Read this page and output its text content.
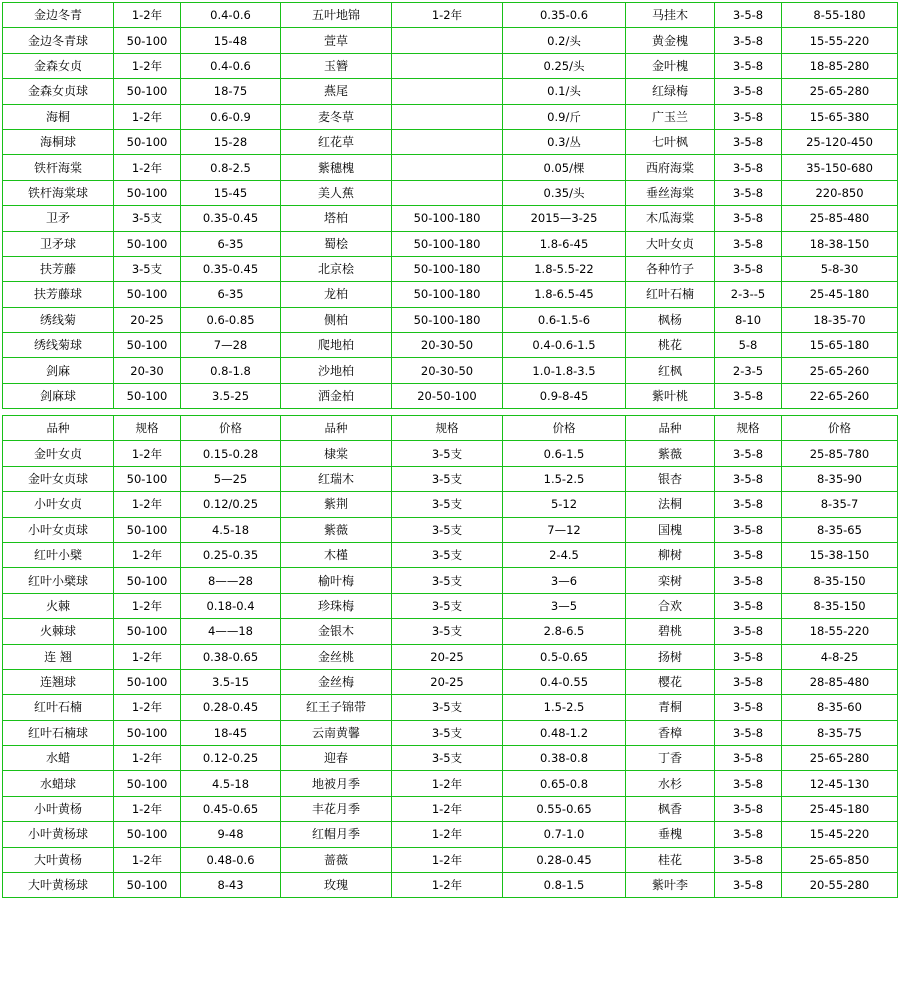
金边冬青	1-2年	0.4-0.6	五叶地锦	1-2年	0.35-0.6	马挂木	3-5-8	8-55-180
金边冬青球	50-100	15-48	萱草		0.2/头	黄金槐	3-5-8	15-55-220
金森女贞	1-2年	0.4-0.6	玉簪		0.25/头	金叶槐	3-5-8	18-85-280
金森女贞球	50-100	18-75	燕尾		0.1/头	红绿梅	3-5-8	25-65-280
海桐	1-2年	0.6-0.9	麦冬草		0.9/斤	广玉兰	3-5-8	15-65-380
海桐球	50-100	15-28	红花草		0.3/丛	七叶枫	3-5-8	25-120-450
铁杆海棠	1-2年	0.8-2.5	紫穗槐		0.05/棵	西府海棠	3-5-8	35-150-680
铁杆海棠球	50-100	15-45	美人蕉		0.35/头	垂丝海棠	3-5-8	220-850
卫矛	3-5支	0.35-0.45	塔柏	50-100-180	2015—3-25	木瓜海棠	3-5-8	25-85-480
卫矛球	50-100	6-35	蜀桧	50-100-180	1.8-6-45	大叶女贞	3-5-8	18-38-150
扶芳藤	3-5支	0.35-0.45	北京桧	50-100-180	1.8-5.5-22	各种竹子	3-5-8	5-8-30
扶芳藤球	50-100	6-35	龙柏	50-100-180	1.8-6.5-45	红叶石楠	2-3--5	25-45-180
绣线菊	20-25	0.6-0.85	侧柏	50-100-180	0.6-1.5-6	枫杨	8-10	18-35-70
绣线菊球	50-100	7—28	爬地柏	20-30-50	0.4-0.6-1.5	桃花	5-8	15-65-180
剑麻	20-30	0.8-1.8	沙地柏	20-30-50	1.0-1.8-3.5	红枫	2-3-5	25-65-260
剑麻球	50-100	3.5-25	洒金柏	20-50-100	0.9-8-45	紫叶桃	3-5-8	22-65-260
品种	规格	价格	品种	规格	价格	品种	规格	价格
金叶女贞	1-2年	0.15-0.28	棣棠	3-5支	0.6-1.5	紫薇	3-5-8	25-85-780
金叶女贞球	50-100	5—25	红瑞木	3-5支	1.5-2.5	银杏	3-5-8	8-35-90
小叶女贞	1-2年	0.12/0.25	紫荆	3-5支	5-12	法桐	3-5-8	8-35-7
小叶女贞球	50-100	4.5-18	紫薇	3-5支	7—12	国槐	3-5-8	8-35-65
红叶小檗	1-2年	0.25-0.35	木槿	3-5支	2-4.5	柳树	3-5-8	15-38-150
红叶小檗球	50-100	8——28	榆叶梅	3-5支	3—6	栾树	3-5-8	8-35-150
火棘	1-2年	0.18-0.4	珍珠梅	3-5支	3—5	合欢	3-5-8	8-35-150
火棘球	50-100	4——18	金银木	3-5支	2.8-6.5	碧桃	3-5-8	18-55-220
连 翘	1-2年	0.38-0.65	金丝桃	20-25	0.5-0.65	扬树	3-5-8	4-8-25
连翘球	50-100	3.5-15	金丝梅	20-25	0.4-0.55	樱花	3-5-8	28-85-480
红叶石楠	1-2年	0.28-0.45	红王子锦带	3-5支	1.5-2.5	青桐	3-5-8	8-35-60
红叶石楠球	50-100	18-45	云南黄馨	3-5支	0.48-1.2	香樟	3-5-8	8-35-75
水蜡	1-2年	0.12-0.25	迎春	3-5支	0.38-0.8	丁香	3-5-8	25-65-280
水蜡球	50-100	4.5-18	地被月季	1-2年	0.65-0.8	水杉	3-5-8	12-45-130
小叶黄杨	1-2年	0.45-0.65	丰花月季	1-2年	0.55-0.65	枫香	3-5-8	25-45-180
小叶黄杨球	50-100	9-48	红帽月季	1-2年	0.7-1.0	垂槐	3-5-8	15-45-220
大叶黄杨	1-2年	0.48-0.6	蔷薇	1-2年	0.28-0.45	桂花	3-5-8	25-65-850
大叶黄杨球	50-100	8-43	玫瑰	1-2年	0.8-1.5	紫叶李	3-5-8	20-55-280
